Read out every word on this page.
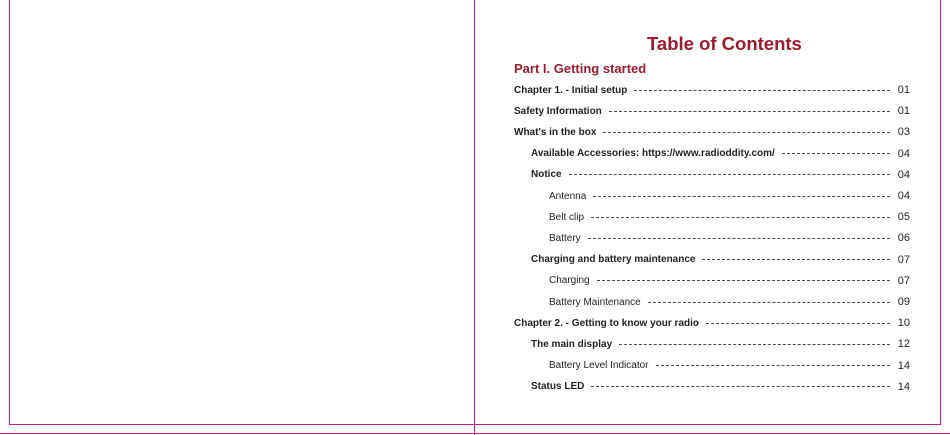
Table of Contents
Part I. Getting started
Chapter 1. - Initial setup	01
Safety Information	01
What's in the box	03
Available Accessories: https://www.radioddity.com/	04
Notice	04
Antenna	04
Belt clip	05
Battery	06
Charging and battery maintenance	07
Charging	07
Battery Maintenance	09
Chapter 2. - Getting to know your radio	10
The main display	12
Battery Level Indicator	14
Status LED	14
